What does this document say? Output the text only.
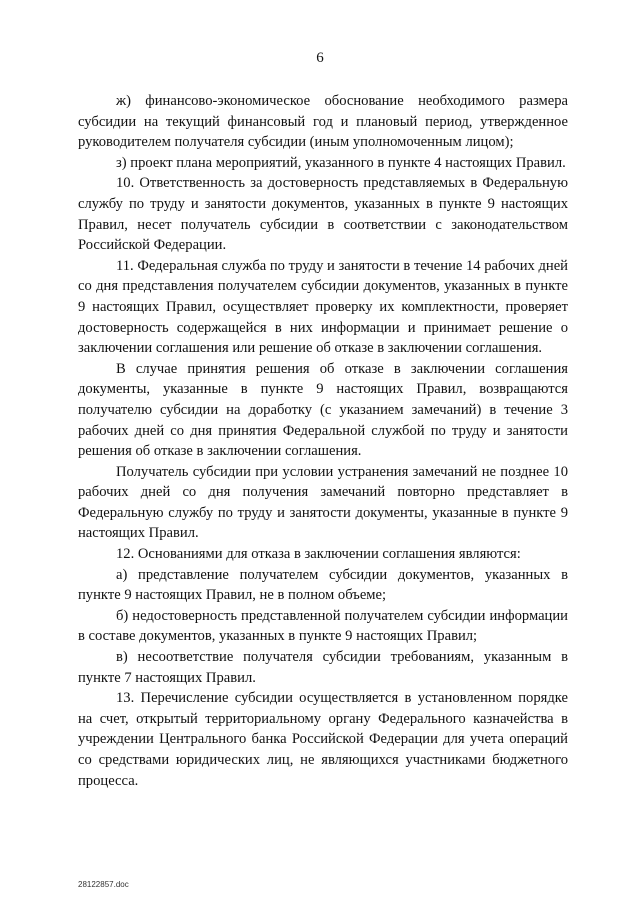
6

ж) финансово-экономическое обоснование необходимого размера субсидии на текущий финансовый год и плановый период, утвержденное руководителем получателя субсидии (иным уполномоченным лицом);

з) проект плана мероприятий, указанного в пункте 4 настоящих Правил.

10. Ответственность за достоверность представляемых в Федеральную службу по труду и занятости документов, указанных в пункте 9 настоящих Правил, несет получатель субсидии в соответствии с законодательством Российской Федерации.

11. Федеральная служба по труду и занятости в течение 14 рабочих дней со дня представления получателем субсидии документов, указанных в пункте 9 настоящих Правил, осуществляет проверку их комплектности, проверяет достоверность содержащейся в них информации и принимает решение о заключении соглашения или решение об отказе в заключении соглашения.

В случае принятия решения об отказе в заключении соглашения документы, указанные в пункте 9 настоящих Правил, возвращаются получателю субсидии на доработку (с указанием замечаний) в течение 3 рабочих дней со дня принятия Федеральной службой по труду и занятости решения об отказе в заключении соглашения.

Получатель субсидии при условии устранения замечаний не позднее 10 рабочих дней со дня получения замечаний повторно представляет в Федеральную службу по труду и занятости документы, указанные в пункте 9 настоящих Правил.

12. Основаниями для отказа в заключении соглашения являются:

а) представление получателем субсидии документов, указанных в пункте 9 настоящих Правил, не в полном объеме;

б) недостоверность представленной получателем субсидии информации в составе документов, указанных в пункте 9 настоящих Правил;

в) несоответствие получателя субсидии требованиям, указанным в пункте 7 настоящих Правил.

13. Перечисление субсидии осуществляется в установленном порядке на счет, открытый территориальному органу Федерального казначейства в учреждении Центрального банка Российской Федерации для учета операций со средствами юридических лиц, не являющихся участниками бюджетного процесса.

28122857.doc
